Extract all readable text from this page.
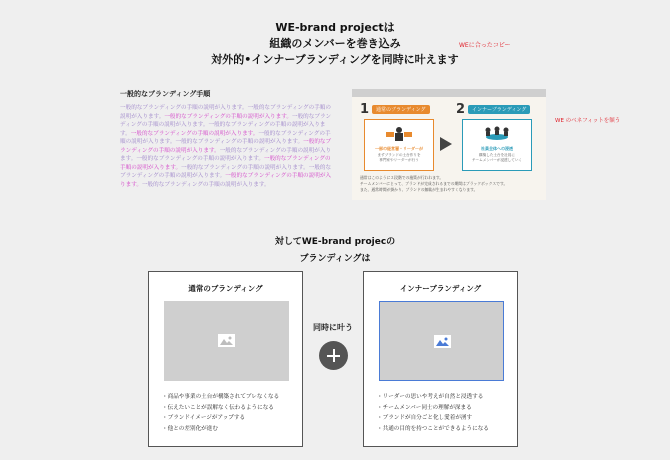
WE-brand projectは
組織のメンバーを巻き込み
対外的•インナーブランディングを同時に叶えます
WEに合ったコピー
一般的なブランディング手順
一般的なブランディングの手順の説明が入ります。一般的なブランディングの手順の説明が入ります。一般的なブランディングの手順の説明が入ります。一般的なブランディングの手順の説明が入ります。一般的なブランディングの手順の説明が入ります。一般的なブランディングの手順の説明が入ります。一般的なブランディングの手順の説明が入ります。一般的なブランディングの手順の説明が入ります。一般的なブランディングの手順の説明が入ります。一般的なブランディングの手順の説明が入ります。一般的なブランディングの手順の説明が入ります。一般的なブランディングの手順の説明が入ります。一般的なブランディングの手順の説明が入ります。一般的なブランディングの手順の説明が入ります。一般的なブランディングの手順の説明が入ります。一般的なブランディングの手順の説明が入ります。
1	通常のブランディング
一部の経営層・リーダーが
まずブランドの土台作りを
専門家やリーダーが行う
2	インナーブランディング
社員全体への浸透
構築した土台を社員に
チームメンバーが浸透していく
通常はこのように２段階での施策が行われます。
チームメンバーにとって、ブランドが完成されるまでの期間はブラックボックスです。
また、通常時間が掛かり、ブランドの無駄が生まれやすくなります。
WE のベネフィットを額う
対してWE-brand projecの
ブランディングは
通常のブランディング
・商品や事業の土台が構築されてブレなくなる
・伝えたいことが誤解なく伝わるようになる
・ブランドイメージがアップする
・他との差別化が進む
同時に叶う
インナーブランディング
・リーダーの思いや考えが自然と浸透する
・チームメンバー同士の理解が深まる
・ブランドが自分ごと化し愛着が湧す
・共通の目的を持つことができるようになる
